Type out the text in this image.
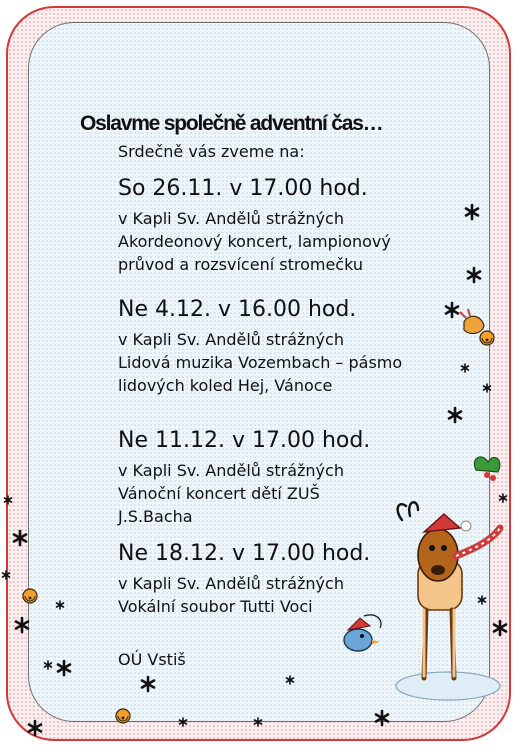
Oslavme společně adventní čas…
Srdečně vás zveme na:
So 26.11. v 17.00 hod.
v Kapli Sv. Andělů strážných
Akordeonový koncert, lampionový
průvod a rozsvícení stromečku
Ne 4.12. v 16.00 hod.
v Kapli Sv. Andělů strážných
Lidová muzika Vozembach – pásmo
lidových koled Hej, Vánoce
Ne 11.12. v 17.00 hod.
v Kapli Sv. Andělů strážných
Vánoční koncert dětí ZUŠ
J.S.Bacha
Ne 18.12. v 17.00 hod.
v Kapli Sv. Andělů strážných
Vokální soubor Tutti Voci
OÚ Vstiš
